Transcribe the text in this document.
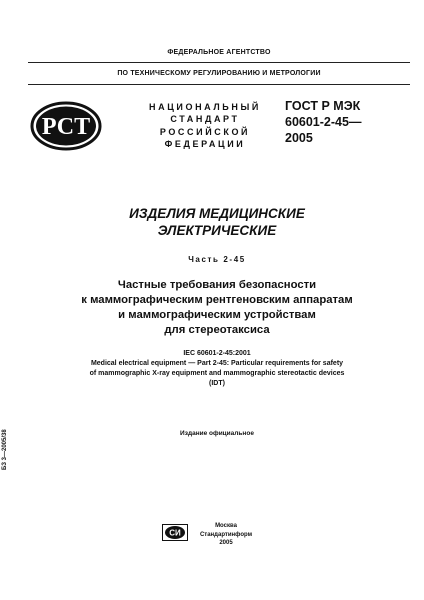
ФЕДЕРАЛЬНОЕ АГЕНТСТВО
ПО ТЕХНИЧЕСКОМУ РЕГУЛИРОВАНИЮ И МЕТРОЛОГИИ
РСТ
НАЦИОНАЛЬНЫЙ
СТАНДАРТ
РОССИЙСКОЙ
ФЕДЕРАЦИИ
ГОСТ Р МЭК
60601-2-45—
2005
ИЗДЕЛИЯ МЕДИЦИНСКИЕ
ЭЛЕКТРИЧЕСКИЕ
Часть 2-45
Частные требования безопасности
к маммографическим рентгеновским аппаратам
и маммографическим устройствам
для стереотаксиса
IEC 60601-2-45:2001
Medical electrical equipment — Part 2-45: Particular requirements for safety
of mammographic X-ray equipment and mammographic stereotactic devices
(IDT)
Издание официальное
БЗ 3—2005/38
СИ
Москва
Стандартинформ
2005
